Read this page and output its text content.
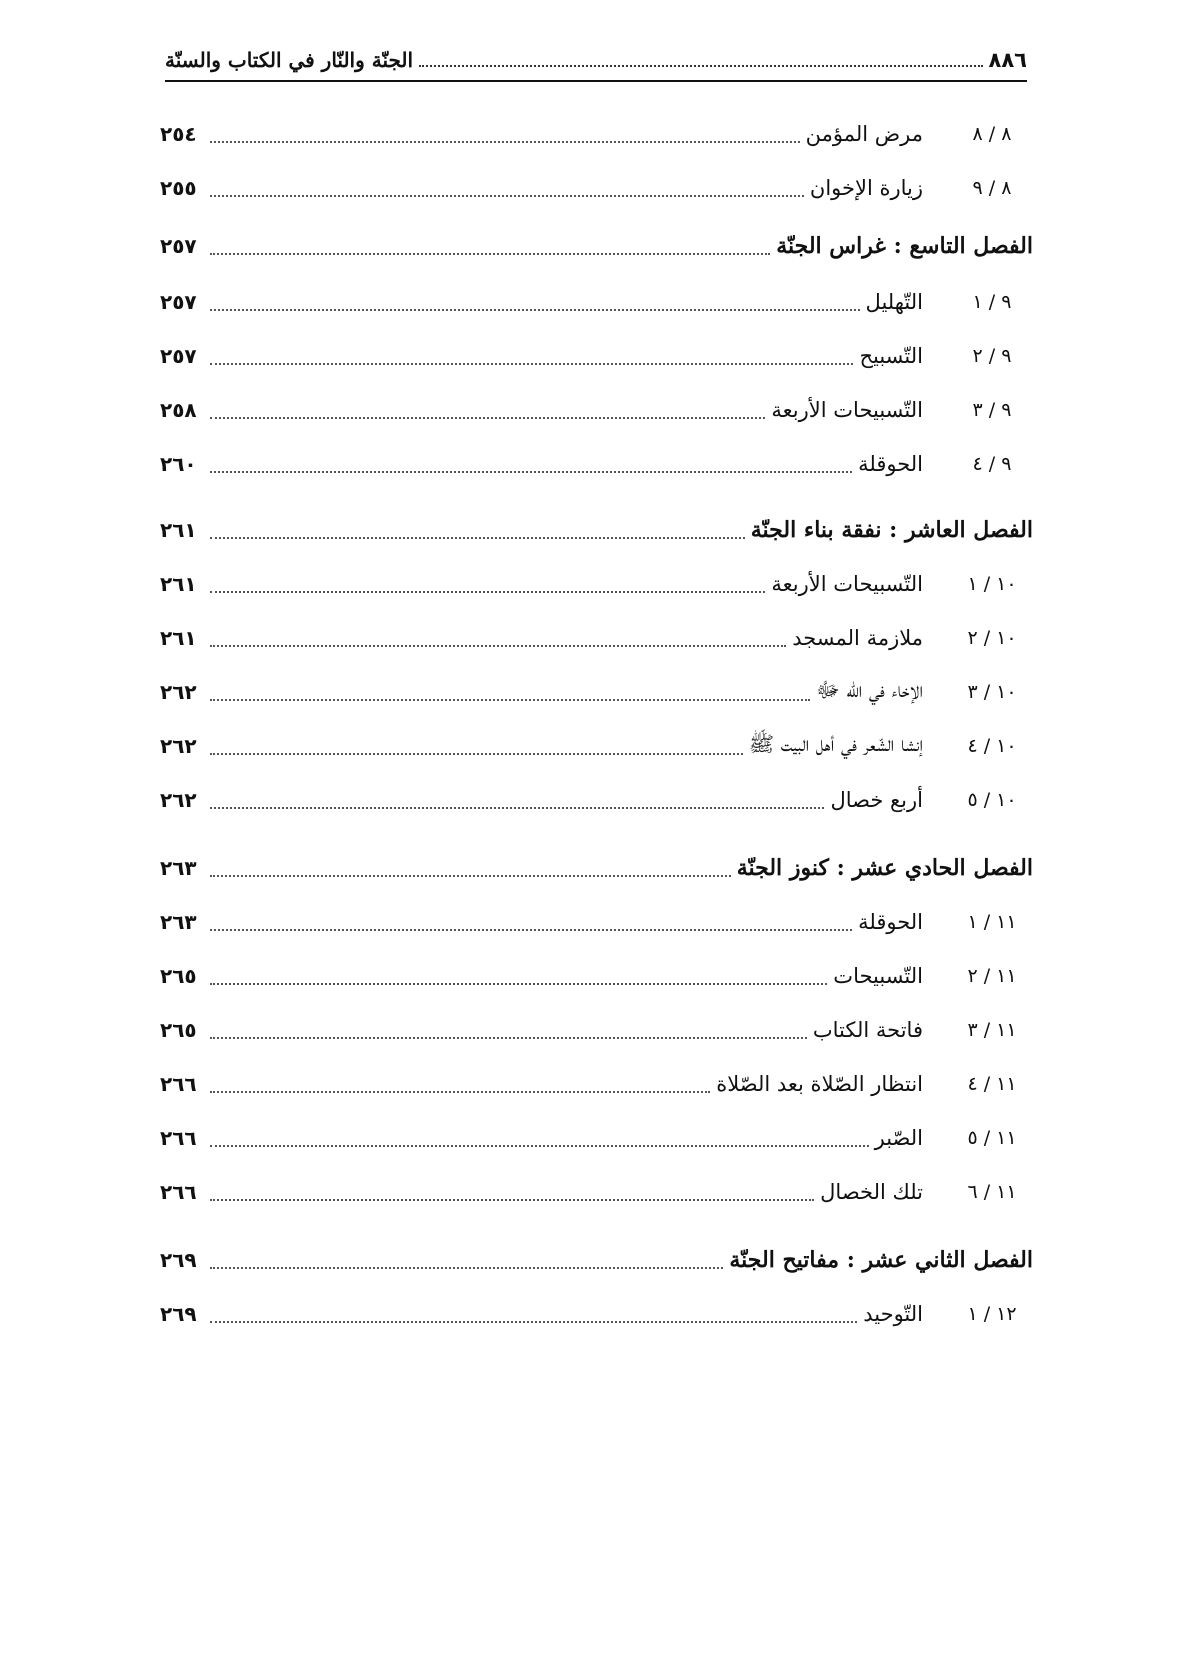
٨٨٦
الجنّة والنّار في الكتاب والسنّة
٨ / ٨
مرض المؤمن
٢٥٤
٨ / ٩
زيارة الإخوان
٢٥٥
الفصل التاسع : غراس الجنّة
٢٥٧
٩ / ١
التّهليل
٢٥٧
٩ / ٢
التّسبيح
٢٥٧
٩ / ٣
التّسبيحات الأربعة
٢٥٨
٩ / ٤
الحوقلة
٢٦٠
الفصل العاشر : نفقة بناء الجنّة
٢٦١
١٠ / ١
التّسبيحات الأربعة
٢٦١
١٠ / ٢
ملازمة المسجد
٢٦١
١٠ / ٣
الإخاء في الله ﷻ
٢٦٢
١٠ / ٤
إنشا الشّعر في أهل البيت ﷺ
٢٦٢
١٠ / ٥
أربع خصال
٢٦٢
الفصل الحادي عشر : كنوز الجنّة
٢٦٣
١١ / ١
الحوقلة
٢٦٣
١١ / ٢
التّسبيحات
٢٦٥
١١ / ٣
فاتحة الكتاب
٢٦٥
١١ / ٤
انتظار الصّلاة بعد الصّلاة
٢٦٦
١١ / ٥
الصّبر
٢٦٦
١١ / ٦
تلك الخصال
٢٦٦
الفصل الثاني عشر : مفاتيح الجنّة
٢٦٩
١٢ / ١
التّوحيد
٢٦٩
